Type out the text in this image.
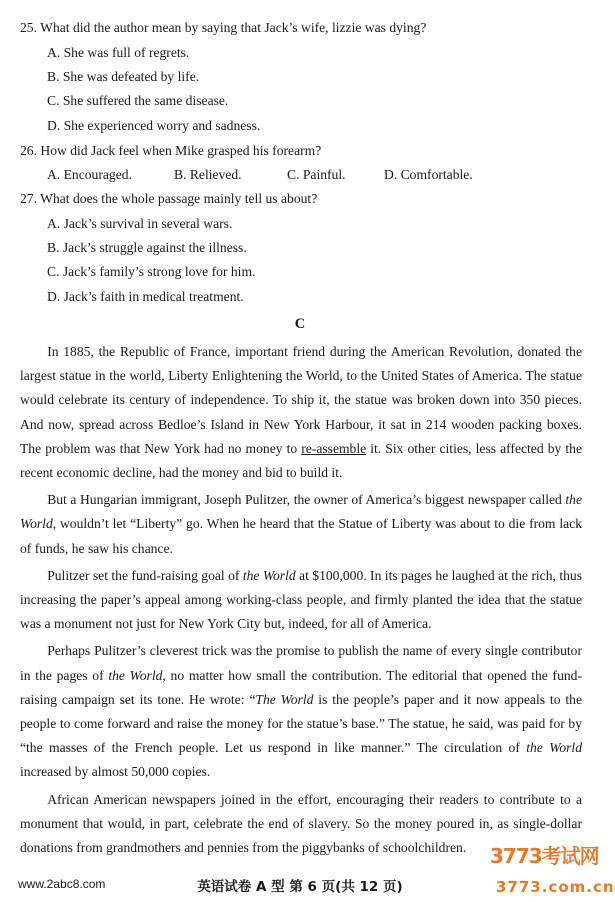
25. What did the author mean by saying that Jack’s wife, lizzie was dying?
A. She was full of regrets.
B. She was defeated by life.
C. She suffered the same disease.
D. She experienced worry and sadness.
26. How did Jack feel when Mike grasped his forearm?
A. Encouraged.	B. Relieved.	C. Painful.	D. Comfortable.
27. What does the whole passage mainly tell us about?
A. Jack’s survival in several wars.
B. Jack’s struggle against the illness.
C. Jack’s family’s strong love for him.
D. Jack’s faith in medical treatment.
C

In 1885, the Republic of France, important friend during the American Revolution, donated the largest statue in the world, Liberty Enlightening the World, to the United States of America. The statue would celebrate its century of independence. To ship it, the statue was broken down into 350 pieces. And now, spread across Bedloe’s Island in New York Harbour, it sat in 214 wooden packing boxes. The problem was that New York had no money to re-assemble it. Six other cities, less affected by the recent economic decline, had the money and bid to build it.

But a Hungarian immigrant, Joseph Pulitzer, the owner of America’s biggest newspaper called the World, wouldn’t let “Liberty” go. When he heard that the Statue of Liberty was about to die from lack of funds, he saw his chance.

Pulitzer set the fund-raising goal of the World at $100,000. In its pages he laughed at the rich, thus increasing the paper’s appeal among working-class people, and firmly planted the idea that the statue was a monument not just for New York City but, indeed, for all of America.

Perhaps Pulitzer’s cleverest trick was the promise to publish the name of every single contributor in the pages of the World, no matter how small the contribution. The editorial that opened the fund-raising campaign set its tone. He wrote: “The World is the people’s paper and it now appeals to the people to come forward and raise the money for the statue’s base.” The statue, he said, was paid for by “the masses of the French people. Let us respond in like manner.” The circulation of the World increased by almost 50,000 copies.

African American newspapers joined in the effort, encouraging their readers to contribute to a monument that would, in part, celebrate the end of slavery. So the money poured in, as single-dollar donations from grandmothers and pennies from the piggybanks of schoolchildren.

www.2abc8.com	英语试卷 A 型 第 6 页(共 12 页)
3773考试网
3773.com.cn
